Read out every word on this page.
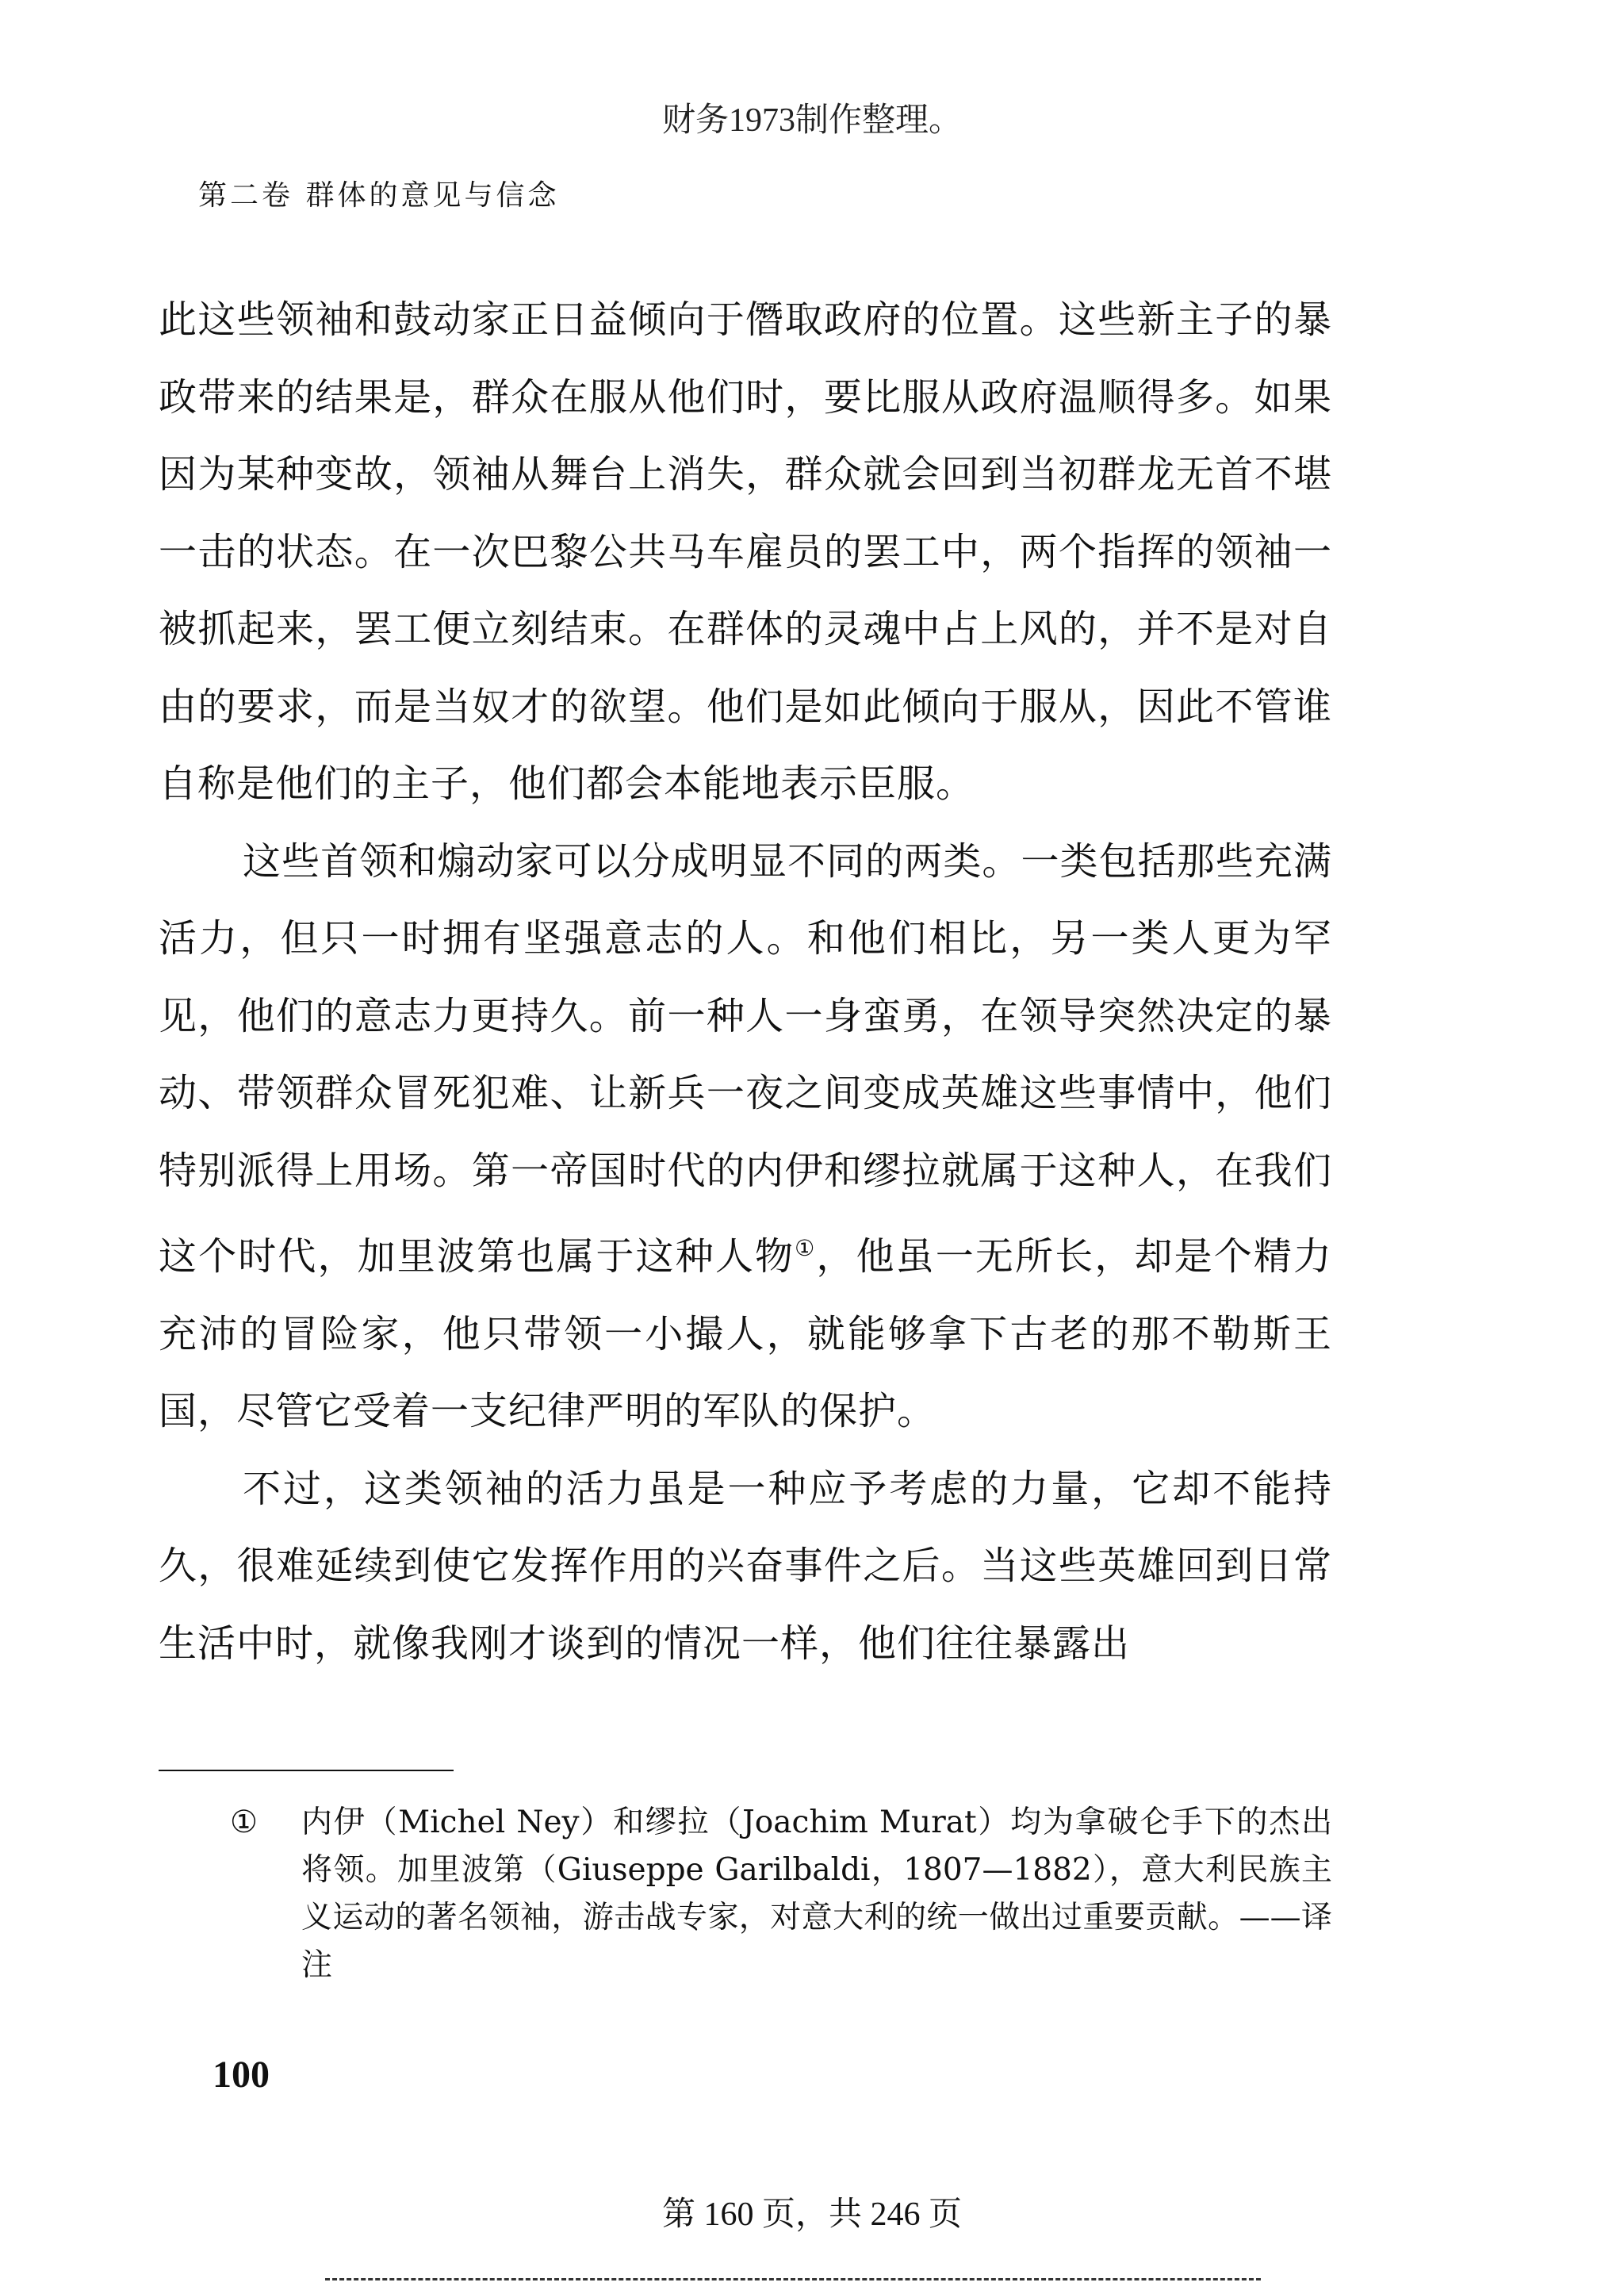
财务1973制作整理。
第二卷 群体的意见与信念

此这些领袖和鼓动家正日益倾向于僭取政府的位置。这些新主子的暴政带来的结果是，群众在服从他们时，要比服从政府温顺得多。如果因为某种变故，领袖从舞台上消失，群众就会回到当初群龙无首不堪一击的状态。在一次巴黎公共马车雇员的罢工中，两个指挥的领袖一被抓起来，罢工便立刻结束。在群体的灵魂中占上风的，并不是对自由的要求，而是当奴才的欲望。他们是如此倾向于服从，因此不管谁自称是他们的主子，他们都会本能地表示臣服。

这些首领和煽动家可以分成明显不同的两类。一类包括那些充满活力，但只一时拥有坚强意志的人。和他们相比，另一类人更为罕见，他们的意志力更持久。前一种人一身蛮勇，在领导突然决定的暴动、带领群众冒死犯难、让新兵一夜之间变成英雄这些事情中，他们特别派得上用场。第一帝国时代的内伊和缪拉就属于这种人，在我们这个时代，加里波第也属于这种人物①，他虽一无所长，却是个精力充沛的冒险家，他只带领一小撮人，就能够拿下古老的那不勒斯王国，尽管它受着一支纪律严明的军队的保护。

不过，这类领袖的活力虽是一种应予考虑的力量，它却不能持久，很难延续到使它发挥作用的兴奋事件之后。当这些英雄回到日常生活中时，就像我刚才谈到的情况一样，他们往往暴露出

① 内伊（Michel Ney）和缪拉（Joachim Murat）均为拿破仑手下的杰出将领。加里波第（Giuseppe Garilbaldi，1807—1882），意大利民族主义运动的著名领袖，游击战专家，对意大利的统一做出过重要贡献。——译注
100
第 160 页，共 246 页
